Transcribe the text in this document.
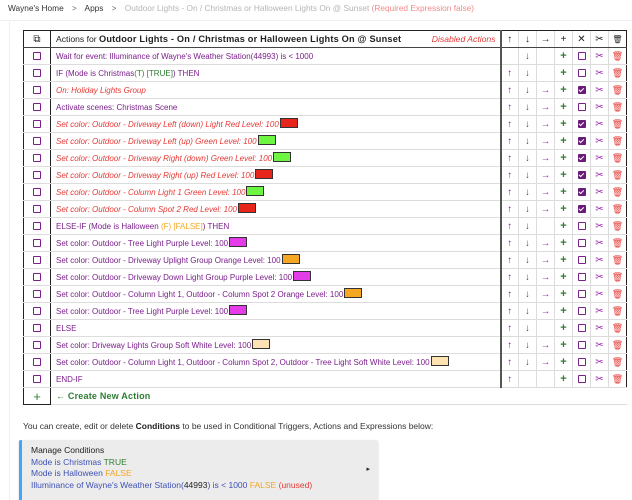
Wayne's Home > Apps > Outdoor Lights - On / Christmas or Halloween Lights On @ Sunset (Required Expression false)
⧉	Actions for Outdoor Lights - On / Christmas or Halloween Lights On @ Sunset Disabled Actions	↑	↓	→	+	✕	✂	🗑
	Wait for event: Illuminance of Wayne's Weather Station(44993) is < 1000		↓		+		✂	🗑
	IF (Mode is Christmas(T) [TRUE]) THEN	↑	↓		+		✂	🗑
	On: Holiday Lights Group	↑	↓	→	+		✂	🗑
	Activate scenes: Christmas Scene	↑	↓	→	+		✂	🗑
	Set color: Outdoor - Driveway Left (down) Light Red Level: 100	↑	↓	→	+		✂	🗑
	Set color: Outdoor - Driveway Left (up) Green Level: 100	↑	↓	→	+		✂	🗑
	Set color: Outdoor - Driveway Right (down) Green Level: 100	↑	↓	→	+		✂	🗑
	Set color: Outdoor - Driveway Right (up) Red Level: 100	↑	↓	→	+		✂	🗑
	Set color: Outdoor - Column Light 1 Green Level: 100	↑	↓	→	+		✂	🗑
	Set color: Outdoor - Column Spot 2 Red Level: 100	↑	↓	→	+		✂	🗑
	ELSE-IF (Mode is Halloween (F) [FALSE]) THEN	↑	↓		+		✂	🗑
	Set color: Outdoor - Tree Light Purple Level: 100	↑	↓	→	+		✂	🗑
	Set color: Outdoor - Driveway Uplight Group Orange Level: 100	↑	↓	→	+		✂	🗑
	Set color: Outdoor - Driveway Down Light Group Purple Level: 100	↑	↓	→	+		✂	🗑
	Set color: Outdoor - Column Light 1, Outdoor - Column Spot 2 Orange Level: 100	↑	↓	→	+		✂	🗑
	Set color: Outdoor - Tree Light Purple Level: 100	↑	↓	→	+		✂	🗑
	ELSE	↑	↓		+		✂	🗑
	Set color: Driveway Lights Group Soft White Level: 100	↑	↓	→	+		✂	🗑
	Set color: Outdoor - Column Light 1, Outdoor - Column Spot 2, Outdoor - Tree Light Soft White Level: 100	↑	↓	→	+		✂	🗑
	END-IF	↑			+		✂	🗑
+	← Create New Action							
You can create, edit or delete Conditions to be used in Conditional Triggers, Actions and Expressions below:
Manage Conditions
Mode is Christmas TRUE
Mode is Halloween FALSE
Illuminance of Wayne's Weather Station(44993) is < 1000 FALSE (unused)
▸
